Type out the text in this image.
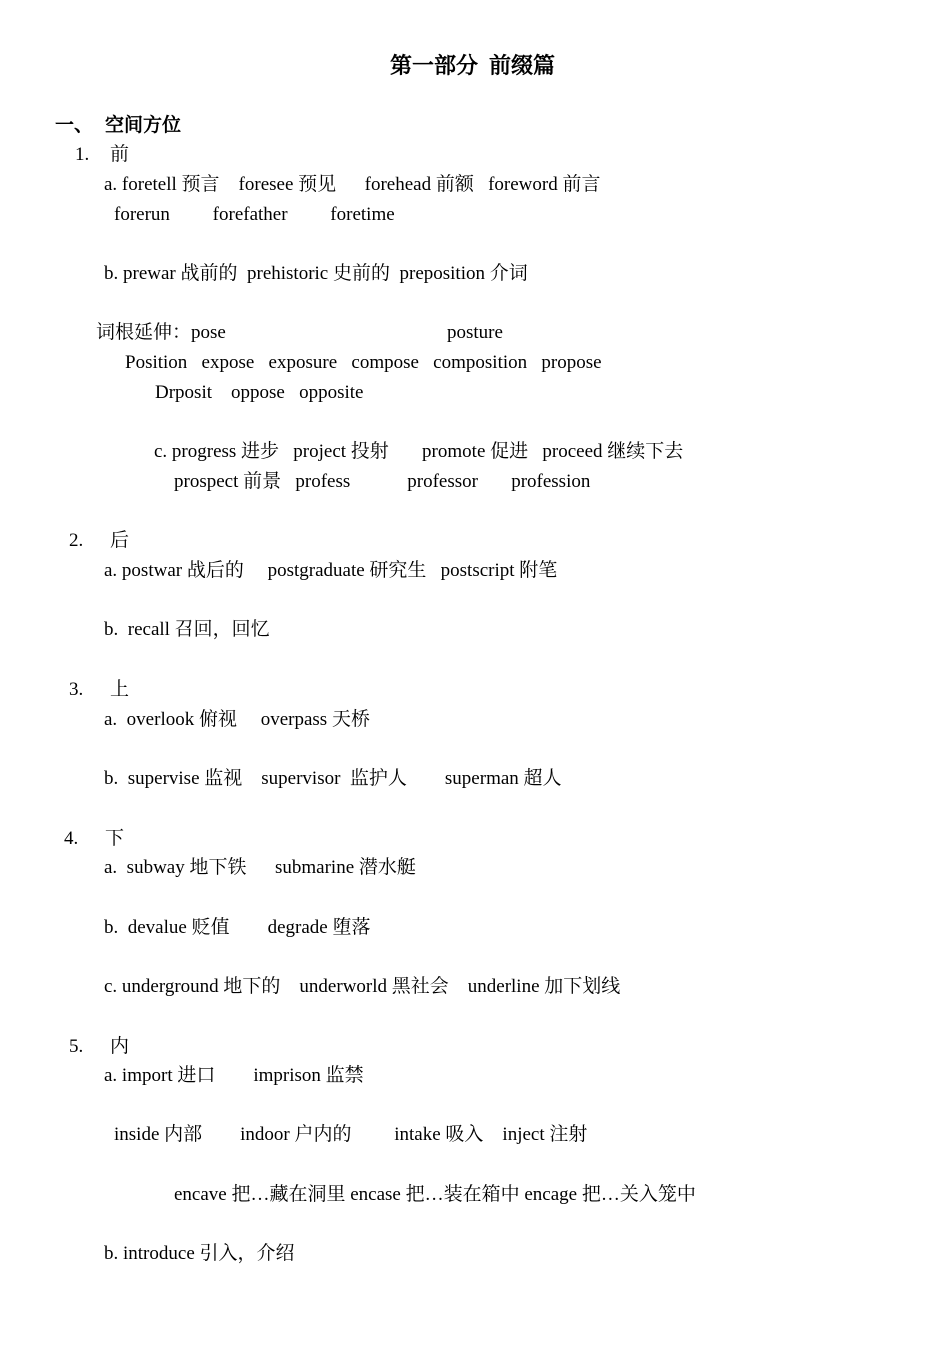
第一部分  前缀篇
一、 空间方位
1. 前
a. foretell 预言    foresee 预见      forehead 前额   foreword 前言
forerun         forefather         foretime
b. prewar 战前的  prehistoric 史前的  preposition 介词
词根延伸：pose	posture
Position   expose   exposure   compose   composition   propose
Drposit    oppose   opposite
c. progress 进步   project 投射       promote 促进   proceed 继续下去
prospect 前景   profess            professor       profession
2. 后
a. postwar 战后的     postgraduate 研究生   postscript 附笔
b.  recall 召回，回忆
3. 上
a.  overlook 俯视     overpass 天桥
b.  supervise 监视    supervisor  监护人        superman 超人
4. 下
a.  subway 地下铁      submarine 潜水艇
b.  devalue 贬值        degrade 堕落
c. underground 地下的    underworld 黑社会    underline 加下划线
5. 内
a. import 进口        imprison 监禁
inside 内部        indoor 户内的         intake 吸入    inject 注射
encave 把…藏在洞里 encase 把…装在箱中 encage 把…关入笼中
b. introduce 引入，介绍
